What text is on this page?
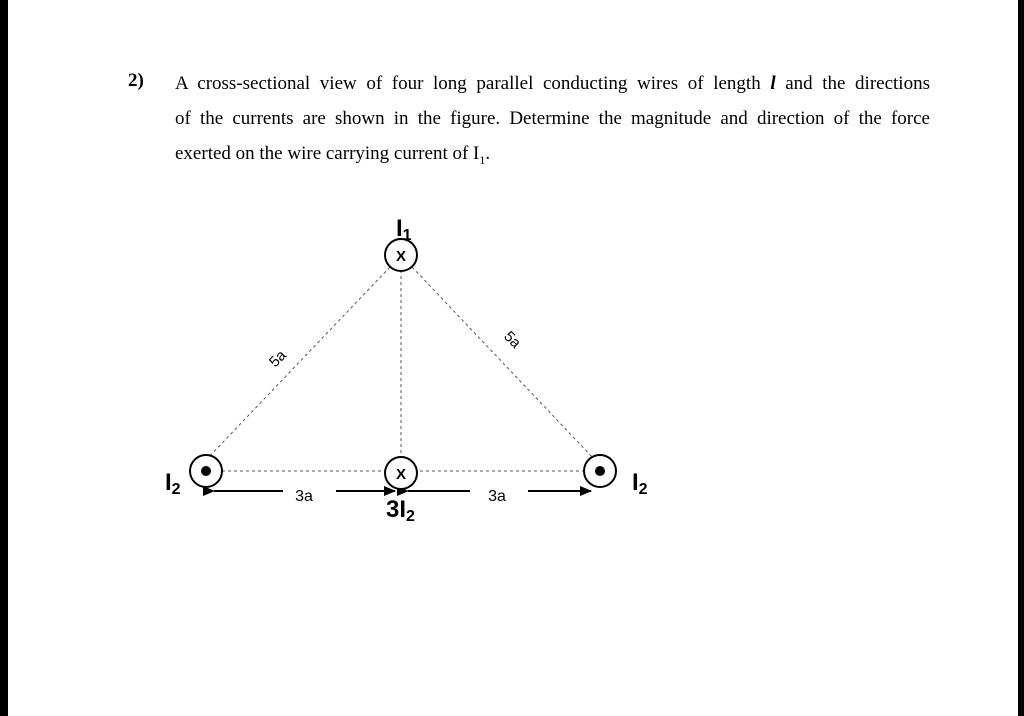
2) A cross-sectional view of four long parallel conducting wires of length l and the directions
of the currents are shown in the figure. Determine the magnitude and direction of the force
exerted on the wire carrying current of $I_1$.
X
I1
I2	I2
X
3I2
5a
5a
3a	3a
